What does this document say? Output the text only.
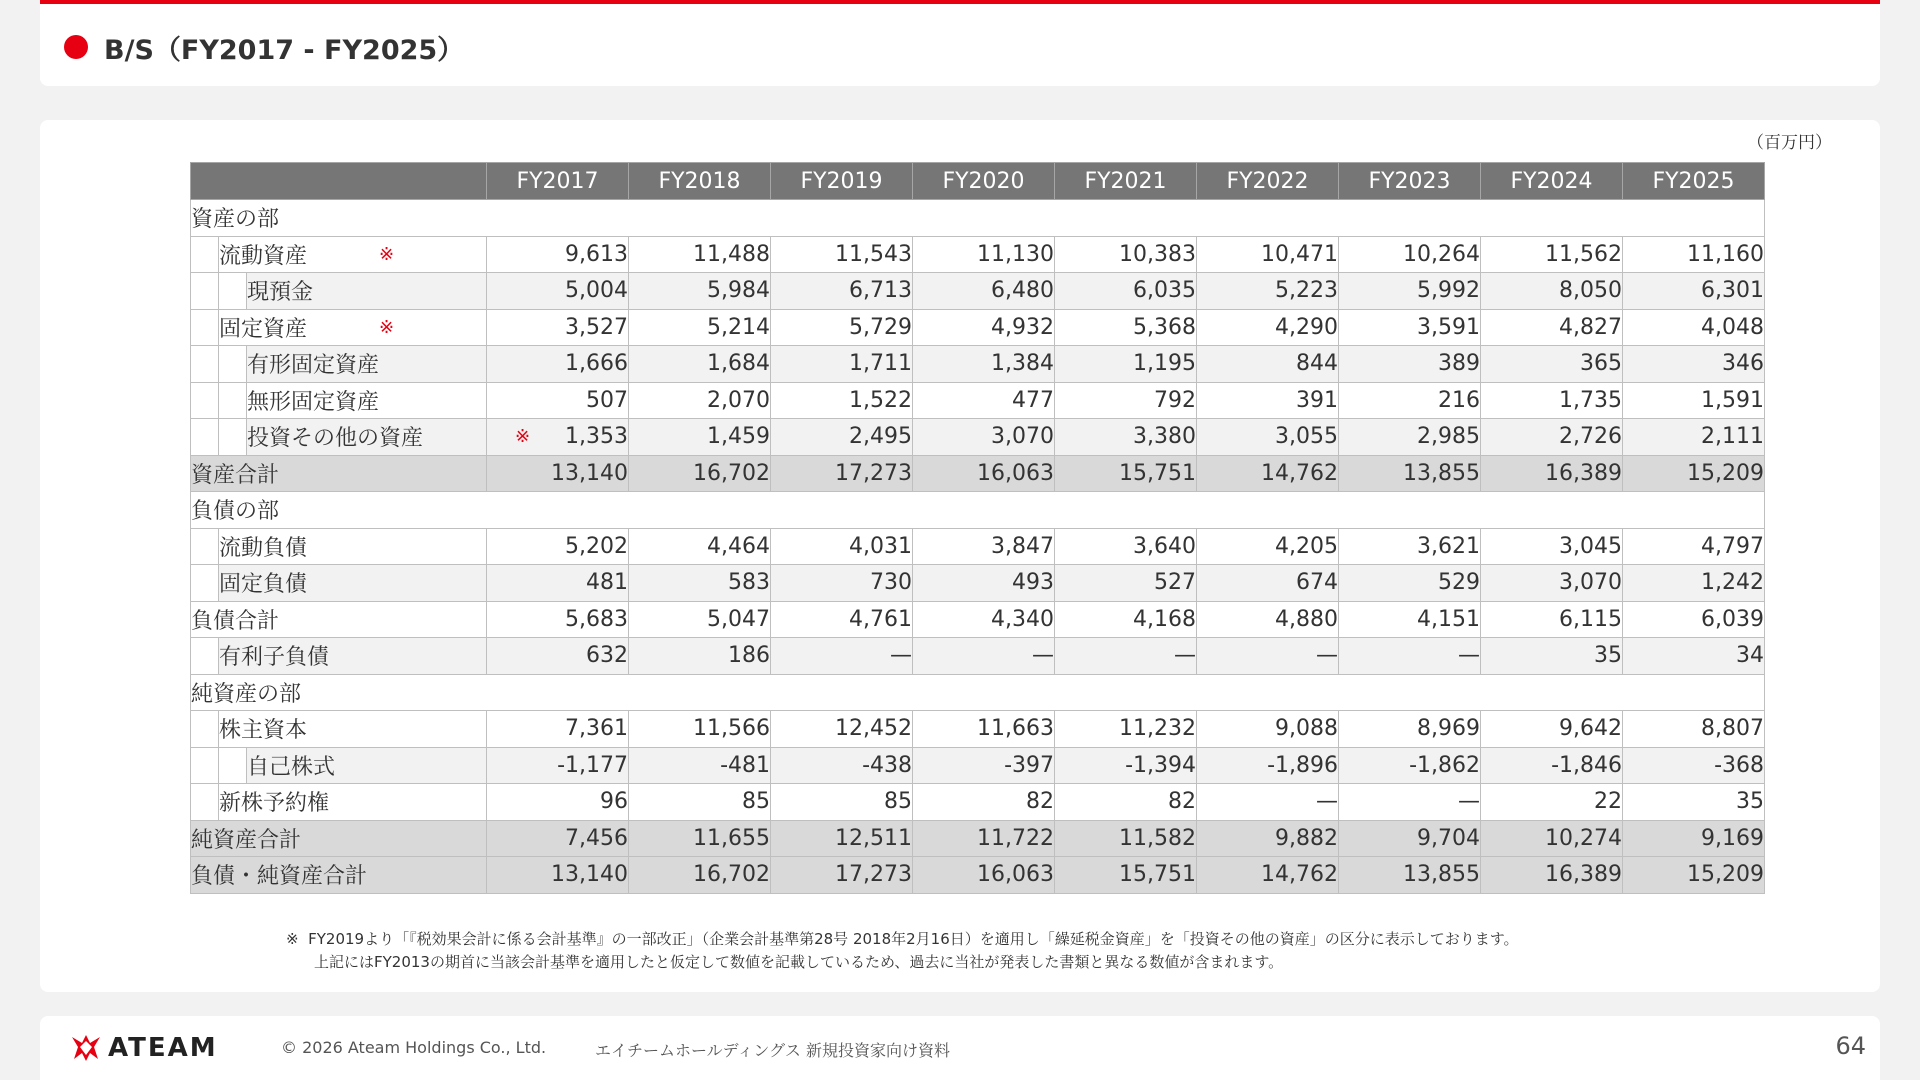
B/S（FY2017 - FY2025）
（百万円）
			FY2017	FY2018	FY2019	FY2020	FY2021	FY2022	FY2023	FY2024	FY2025
資産の部											
	流動資産 ※		9,613	11,488	11,543	11,130	10,383	10,471	10,264	11,562	11,160
		現預金	5,004	5,984	6,713	6,480	6,035	5,223	5,992	8,050	6,301
	固定資産 ※		3,527	5,214	5,729	4,932	5,368	4,290	3,591	4,827	4,048
		有形固定資産	1,666	1,684	1,711	1,384	1,195	844	389	365	346
		無形固定資産	507	2,070	1,522	477	792	391	216	1,735	1,591
		投資その他の資産	※ 1,353	1,459	2,495	3,070	3,380	3,055	2,985	2,726	2,111
資産合計			13,140	16,702	17,273	16,063	15,751	14,762	13,855	16,389	15,209
負債の部											
	流動負債		5,202	4,464	4,031	3,847	3,640	4,205	3,621	3,045	4,797
	固定負債		481	583	730	493	527	674	529	3,070	1,242
負債合計			5,683	5,047	4,761	4,340	4,168	4,880	4,151	6,115	6,039
	有利子負債		632	186	—	—	—	—	—	35	34
純資産の部											
	株主資本		7,361	11,566	12,452	11,663	11,232	9,088	8,969	9,642	8,807
		自己株式	-1,177	-481	-438	-397	-1,394	-1,896	-1,862	-1,846	-368
	新株予約権		96	85	85	82	82	—	—	22	35
純資産合計			7,456	11,655	12,511	11,722	11,582	9,882	9,704	10,274	9,169
負債・純資産合計			13,140	16,702	17,273	16,063	15,751	14,762	13,855	16,389	15,209
※ FY2019より「『税効果会計に係る会計基準』の一部改正」（企業会計基準第28号 2018年2月16日）を適用し「繰延税金資産」を「投資その他の資産」の区分に表示しております。
上記にはFY2013の期首に当該会計基準を適用したと仮定して数値を記載しているため、過去に当社が発表した書類と異なる数値が含まれます。
ATEAM	© 2026 Ateam Holdings Co., Ltd.	エイチームホールディングス 新規投資家向け資料	64
